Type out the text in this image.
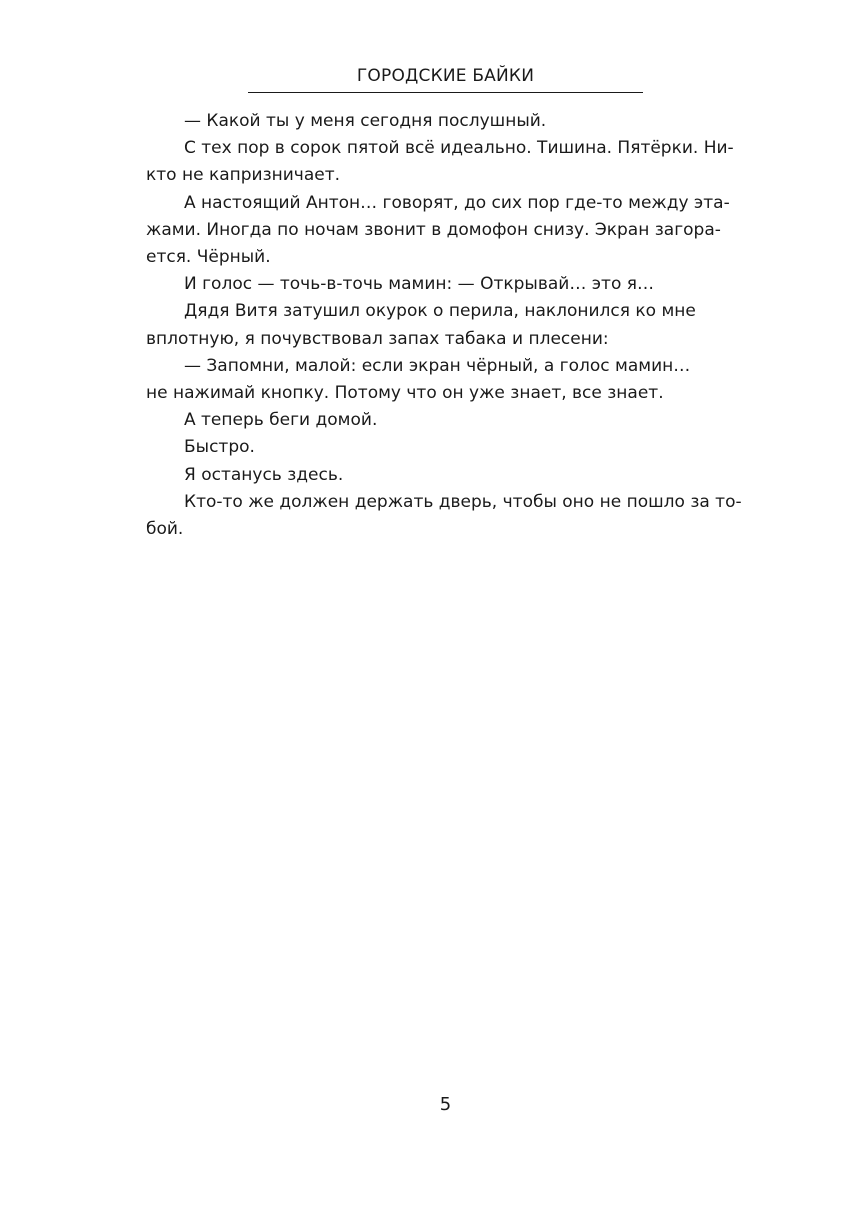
ГОРОДСКИЕ БАЙКИ
— Какой ты у меня сегодня послушный.
С тех пор в сорок пятой всё идеально. Тишина. Пятёрки. Ни-
кто не капризничает.
А настоящий Антон… говорят, до сих пор где-то между эта-
жами. Иногда по ночам звонит в домофон снизу. Экран загора-
ется. Чёрный.
И голос — точь-в-точь мамин: — Открывай… это я…
Дядя Витя затушил окурок о перила, наклонился ко мне
вплотную, я почувствовал запах табака и плесени:
— Запомни, малой: если экран чёрный, а голос мамин…
не нажимай кнопку. Потому что он уже знает, все знает.
А теперь беги домой.
Быстро.
Я останусь здесь.
Кто-то же должен держать дверь, чтобы оно не пошло за то-
бой.
5
